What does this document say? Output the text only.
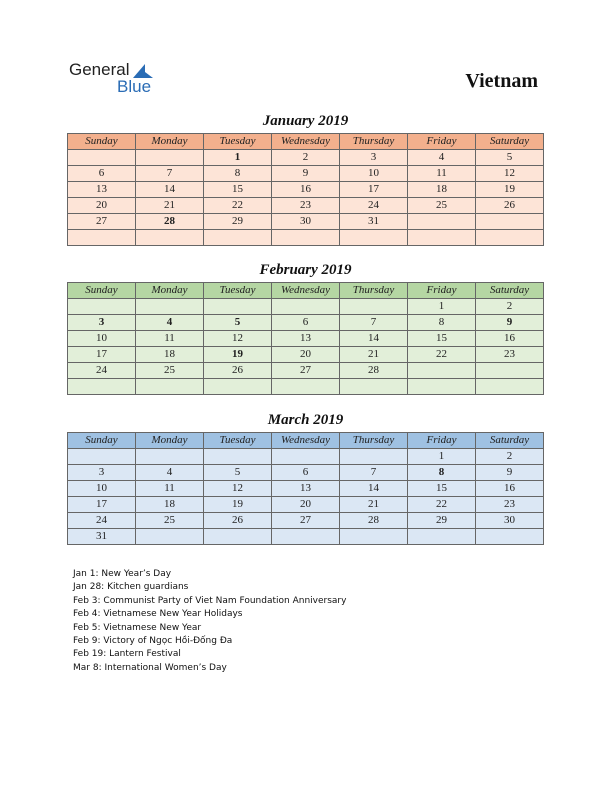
General
Blue	Vietnam
January 2019
Sunday	Monday	Tuesday	Wednesday	Thursday	Friday	Saturday
		1	2	3	4	5
6	7	8	9	10	11	12
13	14	15	16	17	18	19
20	21	22	23	24	25	26
27	28	29	30	31		

February 2019
Sunday	Monday	Tuesday	Wednesday	Thursday	Friday	Saturday
					1	2
3	4	5	6	7	8	9
10	11	12	13	14	15	16
17	18	19	20	21	22	23
24	25	26	27	28		

March 2019
Sunday	Monday	Tuesday	Wednesday	Thursday	Friday	Saturday
					1	2
3	4	5	6	7	8	9
10	11	12	13	14	15	16
17	18	19	20	21	22	23
24	25	26	27	28	29	30
31						
Jan 1: New Year’s Day
Jan 28: Kitchen guardians
Feb 3: Communist Party of Viet Nam Foundation Anniversary
Feb 4: Vietnamese New Year Holidays
Feb 5: Vietnamese New Year
Feb 9: Victory of Ngọc Hồi-Đống Đa
Feb 19: Lantern Festival
Mar 8: International Women’s Day
